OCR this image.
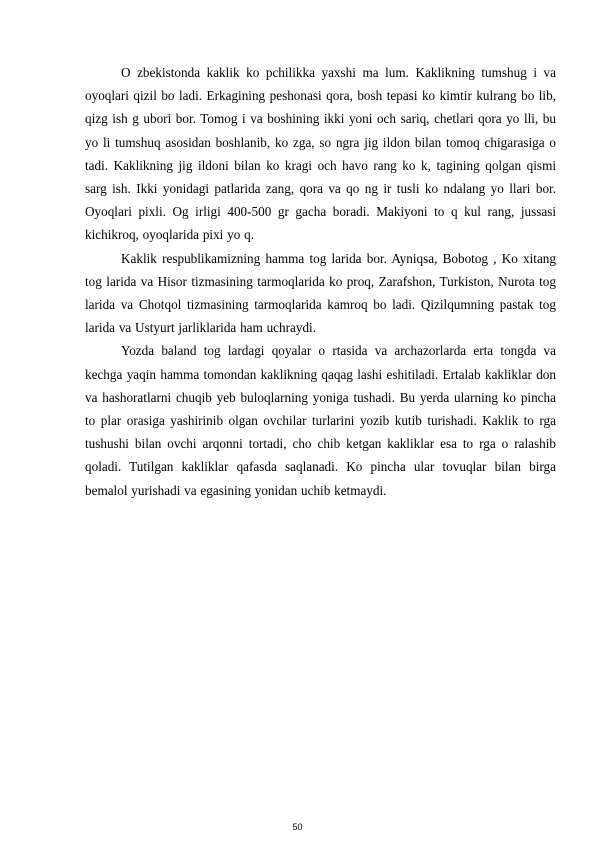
O zbekistonda kaklik ko pchilikka yaxshi ma lum. Kaklikning tumshug i va oyoqlari qizil bo ladi. Erkagining peshonasi qora, bosh tepasi ko kimtir kulrang bo lib, qizg ish g ubori bor. Tomog i va boshining ikki yoni och sariq, chetlari qora yo lli, bu yo li tumshuq asosidan boshlanib, ko zga, so ngra jig ildon bilan tomoq chigarasiga o tadi. Kaklikning jig ildoni bilan ko kragi och havo rang ko k, tagining qolgan qismi sarg ish. Ikki yonidagi patlarida zang, qora va qo ng ir tusli ko ndalang yo llari bor. Oyoqlari pixli. Og irligi 400-500 gr gacha boradi. Makiyoni to q kul rang, jussasi kichikroq, oyoqlarida pixi yo q.

Kaklik respublikamizning hamma tog larida bor. Ayniqsa, Bobotog , Ko xitang tog larida va Hisor tizmasining tarmoqlarida ko proq, Zarafshon, Turkiston, Nurota tog larida va Chotqol tizmasining tarmoqlarida kamroq bo ladi. Qizilqumning pastak tog larida va Ustyurt jarliklarida ham uchraydi.

Yozda baland tog lardagi qoyalar o rtasida va archazorlarda erta tongda va kechga yaqin hamma tomondan kaklikning qaqag lashi eshitiladi. Ertalab kakliklar don va hashoratlarni chuqib yeb buloqlarning yoniga tushadi. Bu yerda ularning ko pincha to plar orasiga yashirinib olgan ovchilar turlarini yozib kutib turishadi. Kaklik to rga tushushi bilan ovchi arqonni tortadi, cho chib ketgan kakliklar esa to rga o ralashib qoladi. Tutilgan kakliklar qafasda saqlanadi. Ko pincha ular tovuqlar bilan birga bemalol yurishadi va egasining yonidan uchib ketmaydi.

50
